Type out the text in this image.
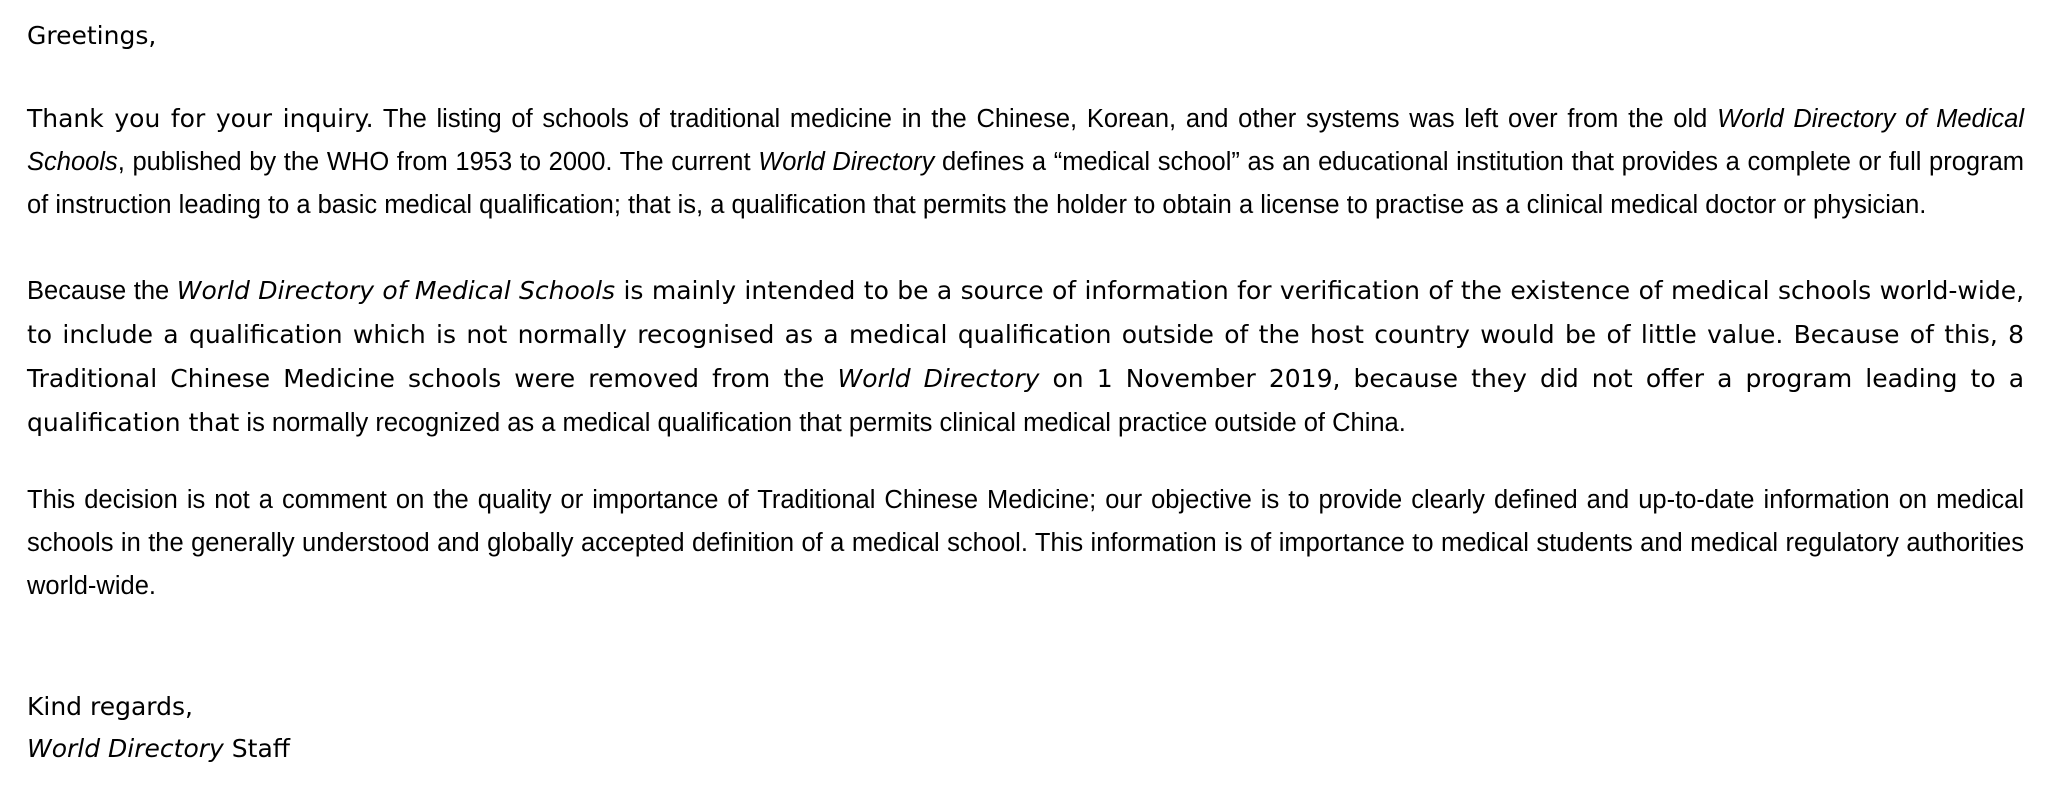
Greetings,

Thank you for your inquiry. The listing of schools of traditional medicine in the Chinese, Korean, and other systems was left over from the old World Directory of Medical Schools, published by the WHO from 1953 to 2000. The current World Directory defines a “medical school” as an educational institution that provides a complete or full program of instruction leading to a basic medical qualification; that is, a qualification that permits the holder to obtain a license to practise as a clinical medical doctor or physician.

Because the World Directory of Medical Schools is mainly intended to be a source of information for verification of the existence of medical schools world-wide, to include a qualification which is not normally recognised as a medical qualification outside of the host country would be of little value. Because of this, 8 Traditional Chinese Medicine schools were removed from the World Directory on 1 November 2019, because they did not offer a program leading to a qualification that is normally recognized as a medical qualification that permits clinical medical practice outside of China.

This decision is not a comment on the quality or importance of Traditional Chinese Medicine; our objective is to provide clearly defined and up-to-date information on medical schools in the generally understood and globally accepted definition of a medical school. This information is of importance to medical students and medical regulatory authorities world-wide.

Kind regards,
World Directory Staff
